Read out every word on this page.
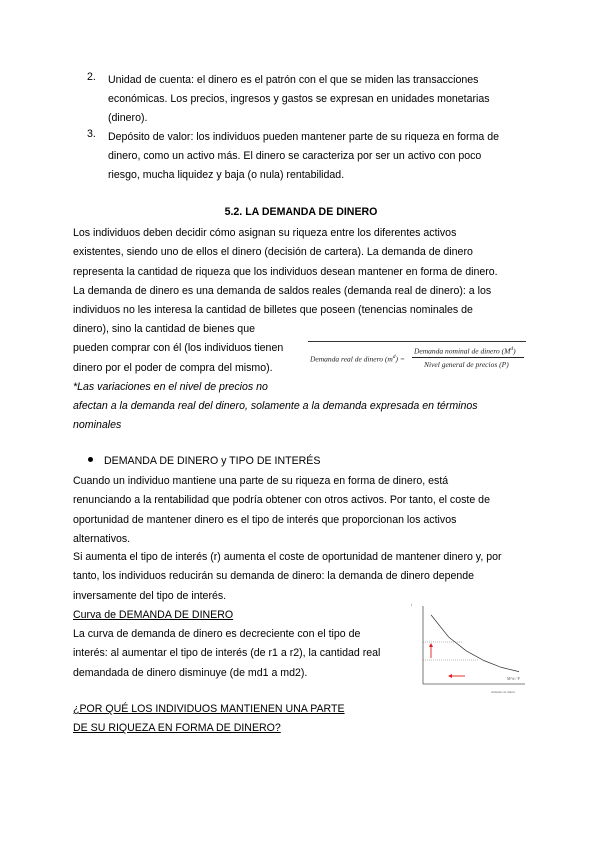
2. Unidad de cuenta: el dinero es el patrón con el que se miden las transacciones
económicas. Los precios, ingresos y gastos se expresan en unidades monetarias
(dinero).
3. Depósito de valor: los individuos pueden mantener parte de su riqueza en forma de
dinero, como un activo más. El dinero se caracteriza por ser un activo con poco
riesgo, mucha liquidez y baja (o nula) rentabilidad.
5.2. LA DEMANDA DE DINERO
Los individuos deben decidir cómo asignan su riqueza entre los diferentes activos
existentes, siendo uno de ellos el dinero (decisión de cartera). La demanda de dinero
representa la cantidad de riqueza que los individuos desean mantener en forma de dinero.
La demanda de dinero es una demanda de saldos reales (demanda real de dinero): a los
individuos no les interesa la cantidad de billetes que poseen (tenencias nominales de
dinero), sino la cantidad de bienes que
pueden comprar con él (los individuos tienen
dinero por el poder de compra del mismo).
Demanda real de dinero $(m^d)$ =
Demanda nominal de dinero $(M^d)$
Nivel general de precios (P)
*Las variaciones en el nivel de precios no
afectan a la demanda real del dinero, solamente a la demanda expresada en términos
nominales
DEMANDA DE DINERO y TIPO DE INTERÉS
Cuando un individuo mantiene una parte de su riqueza en forma de dinero, está
renunciando a la rentabilidad que podría obtener con otros activos. Por tanto, el coste de
oportunidad de mantener dinero es el tipo de interés que proporcionan los activos
alternativos.
Si aumenta el tipo de interés (r) aumenta el coste de oportunidad de mantener dinero y, por
tanto, los individuos reducirán su demanda de dinero: la demanda de dinero depende
inversamente del tipo de interés.
Curva de DEMANDA DE DINERO
La curva de demanda de dinero es decreciente con el tipo de
interés: al aumentar el tipo de interés (de r1 a r2), la cantidad real
demandada de dinero disminuye (de md1 a md2).
i
M^d / P
demanda de dinero
¿POR QUÉ LOS INDIVIDUOS MANTIENEN UNA PARTE
DE SU RIQUEZA EN FORMA DE DINERO?
